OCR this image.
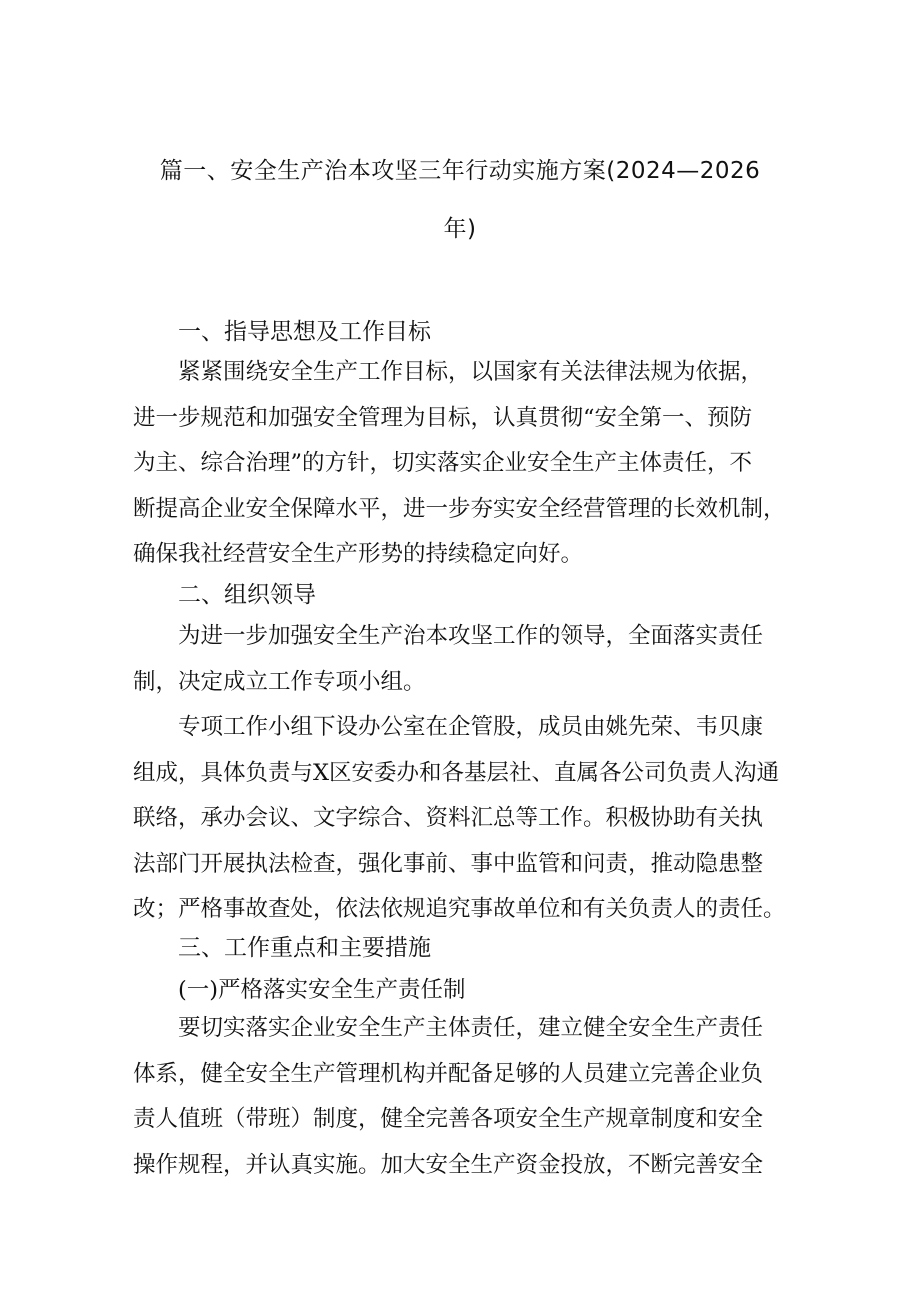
篇一、安全生产治本攻坚三年行动实施方案(2024—2026
年)
一、指导思想及工作目标
紧紧围绕安全生产工作目标，以国家有关法律法规为依据，
进一步规范和加强安全管理为目标，认真贯彻“安全第一、预防
为主、综合治理”的方针，切实落实企业安全生产主体责任，不
断提高企业安全保障水平，进一步夯实安全经营管理的长效机制，
确保我社经营安全生产形势的持续稳定向好。
二、组织领导
为进一步加强安全生产治本攻坚工作的领导，全面落实责任
制，决定成立工作专项小组。
专项工作小组下设办公室在企管股，成员由姚先荣、韦贝康
组成，具体负责与X区安委办和各基层社、直属各公司负责人沟通
联络，承办会议、文字综合、资料汇总等工作。积极协助有关执
法部门开展执法检查，强化事前、事中监管和问责，推动隐患整
改；严格事故查处，依法依规追究事故单位和有关负责人的责任。
三、工作重点和主要措施
(一)严格落实安全生产责任制
要切实落实企业安全生产主体责任，建立健全安全生产责任
体系，健全安全生产管理机构并配备足够的人员建立完善企业负
责人值班（带班）制度，健全完善各项安全生产规章制度和安全
操作规程，并认真实施。加大安全生产资金投放，不断完善安全
